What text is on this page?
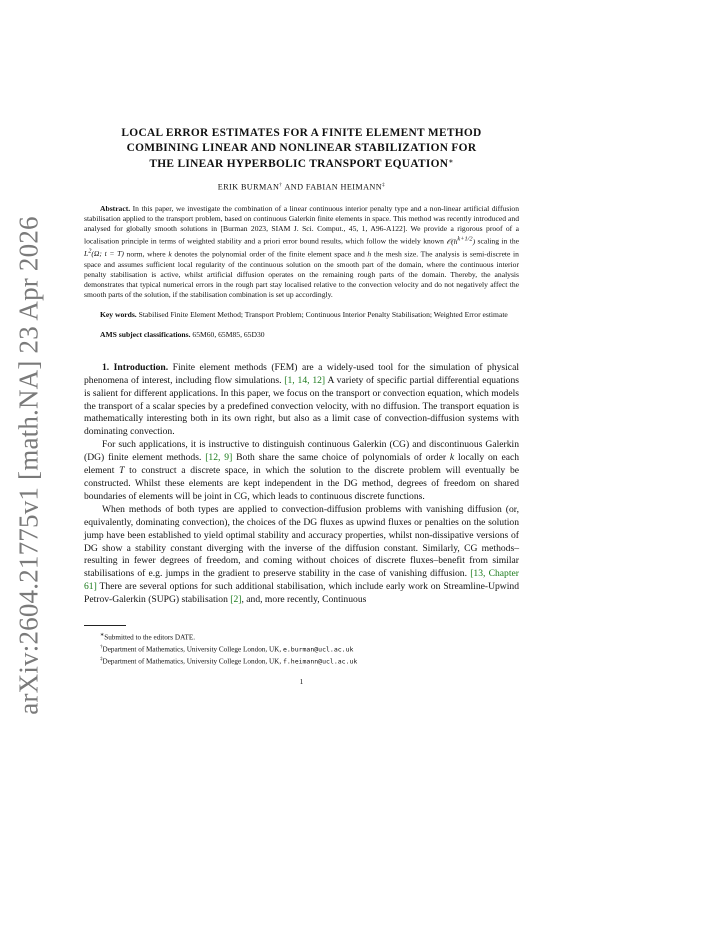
arXiv:2604.21775v1 [math.NA] 23 Apr 2026
LOCAL ERROR ESTIMATES FOR A FINITE ELEMENT METHOD
COMBINING LINEAR AND NONLINEAR STABILIZATION FOR
THE LINEAR HYPERBOLIC TRANSPORT EQUATION∗
ERIK BURMAN† AND FABIAN HEIMANN‡

Abstract. In this paper, we investigate the combination of a linear continuous interior penalty type and a non-linear artificial diffusion stabilisation applied to the transport problem, based on continuous Galerkin finite elements in space. This method was recently introduced and analysed for globally smooth solutions in [Burman 2023, SIAM J. Sci. Comput., 45, 1, A96-A122]. We provide a rigorous proof of a localisation principle in terms of weighted stability and a priori error bound results, which follow the widely known $𝒪(h^{k+1/2})$ scaling in the $L^2(\Omega$; t = T) norm, where k denotes the polynomial order of the finite element space and h the mesh size. The analysis is semi-discrete in space and assumes sufficient local regularity of the continuous solution on the smooth part of the domain, where the continuous interior penalty stabilisation is active, whilst artificial diffusion operates on the remaining rough parts of the domain. Thereby, the analysis demonstrates that typical numerical errors in the rough part stay localised relative to the convection velocity and do not negatively affect the smooth parts of the solution, if the stabilisation combination is set up accordingly.

Key words. Stabilised Finite Element Method; Transport Problem; Continuous Interior Penalty Stabilisation; Weighted Error estimate

AMS subject classifications. 65M60, 65M85, 65D30

1. Introduction. Finite element methods (FEM) are a widely-used tool for the simulation of physical phenomena of interest, including flow simulations. [1, 14, 12] A variety of specific partial differential equations is salient for different applications. In this paper, we focus on the transport or convection equation, which models the transport of a scalar species by a predefined convection velocity, with no diffusion. The transport equation is mathematically interesting both in its own right, but also as a limit case of convection-diffusion systems with dominating convection.

For such applications, it is instructive to distinguish continuous Galerkin (CG) and discontinuous Galerkin (DG) finite element methods. [12, 9] Both share the same choice of polynomials of order k locally on each element T to construct a discrete space, in which the solution to the discrete problem will eventually be constructed. Whilst these elements are kept independent in the DG method, degrees of freedom on shared boundaries of elements will be joint in CG, which leads to continuous discrete functions.

When methods of both types are applied to convection-diffusion problems with vanishing diffusion (or, equivalently, dominating convection), the choices of the DG fluxes as upwind fluxes or penalties on the solution jump have been established to yield optimal stability and accuracy properties, whilst non-dissipative versions of DG show a stability constant diverging with the inverse of the diffusion constant. Similarly, CG methods–resulting in fewer degrees of freedom, and coming without choices of discrete fluxes–benefit from similar stabilisations of e.g. jumps in the gradient to preserve stability in the case of vanishing diffusion. [13, Chapter 61] There are several options for such additional stabilisation, which include early work on Streamline-Upwind Petrov-Galerkin (SUPG) stabilisation [2], and, more recently, Continuous

∗Submitted to the editors DATE.

†Department of Mathematics, University College London, UK, e.burman@ucl.ac.uk

‡Department of Mathematics, University College London, UK, f.heimann@ucl.ac.uk

1
